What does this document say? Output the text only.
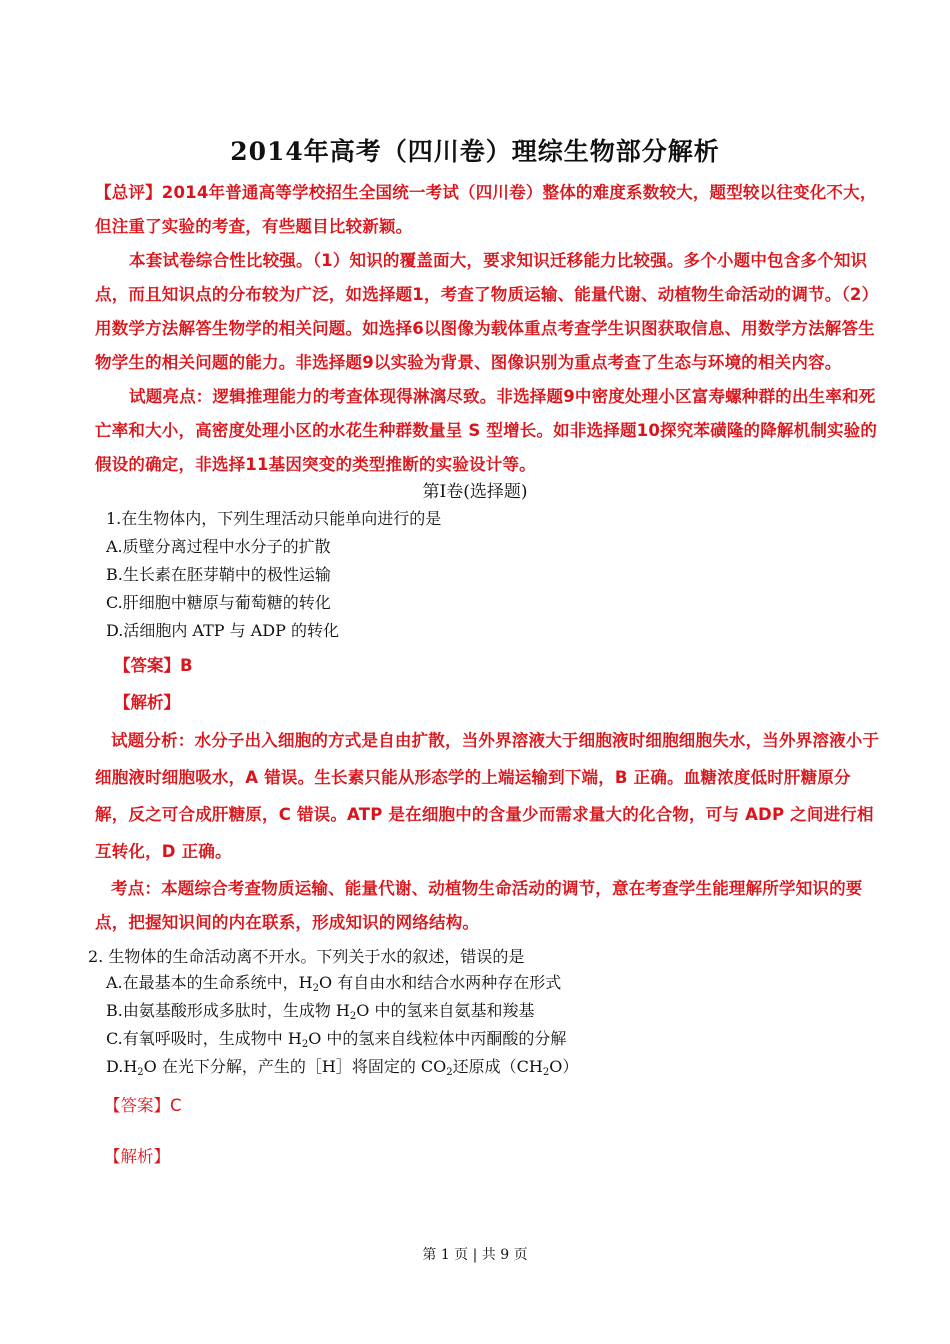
2014年高考（四川卷）理综生物部分解析

【总评】2014年普通高等学校招生全国统一考试（四川卷）整体的难度系数较大，题型较以往变化不大，但注重了实验的考查，有些题目比较新颖。

本套试卷综合性比较强。（1）知识的覆盖面大，要求知识迁移能力比较强。多个小题中包含多个知识点，而且知识点的分布较为广泛，如选择题1，考查了物质运输、能量代谢、动植物生命活动的调节。（2）用数学方法解答生物学的相关问题。如选择6以图像为载体重点考查学生识图获取信息、用数学方法解答生物学生的相关问题的能力。非选择题9以实验为背景、图像识别为重点考查了生态与环境的相关内容。

试题亮点：逻辑推理能力的考查体现得淋漓尽致。非选择题9中密度处理小区富寿螺种群的出生率和死亡率和大小，高密度处理小区的水花生种群数量呈 S 型增长。如非选择题10探究苯磺隆的降解机制实验的假设的确定，非选择11基因突变的类型推断的实验设计等。

第I卷(选择题)
1.在生物体内，下列生理活动只能单向进行的是
A.质壁分离过程中水分子的扩散
B.生长素在胚芽鞘中的极性运输
C.肝细胞中糖原与葡萄糖的转化
D.活细胞内 ATP 与 ADP 的转化
【答案】B
【解析】

试题分析：水分子出入细胞的方式是自由扩散，当外界溶液大于细胞液时细胞细胞失水，当外界溶液小于细胞液时细胞吸水，A 错误。生长素只能从形态学的上端运输到下端，B 正确。血糖浓度低时肝糖原分解，反之可合成肝糖原，C 错误。ATP 是在细胞中的含量少而需求量大的化合物，可与 ADP 之间进行相互转化，D 正确。

考点：本题综合考查物质运输、能量代谢、动植物生命活动的调节，意在考查学生能理解所学知识的要点，把握知识间的内在联系，形成知识的网络结构。

2. 生物体的生命活动离不开水。下列关于水的叙述，错误的是
A.在最基本的生命系统中，$H_2O$ 有自由水和结合水两种存在形式
B.由氨基酸形成多肽时，生成物 $H_2O$ 中的氢来自氨基和羧基
C.有氧呼吸时，生成物中 $H_2O$ 中的氢来自线粒体中丙酮酸的分解
$D.H_2O$ 在光下分解，产生的［H］将固定的 $CO_2$还原成$(CH_2O)$
【答案】C
【解析】
第 1 页 | 共 9 页
